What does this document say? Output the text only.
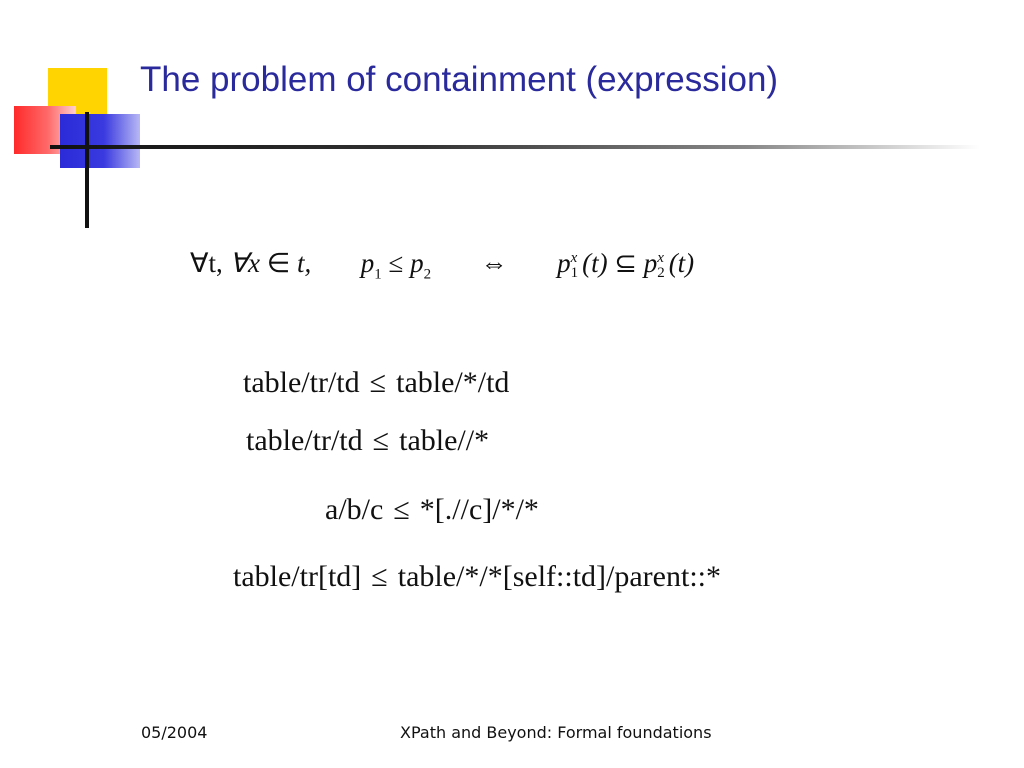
The problem of containment (expression)
∀t, ∀x ∈ t, $p_1 \le p_2$ ⇔ p x
1 (t) ⊆ p x
2 (t)
table/tr/td ≤ table/*/td
table/tr/td ≤ table//*
a/b/c ≤ *[.//c]/*/*
table/tr[td] ≤ table/*/*[self::td]/parent::*
05/2004	XPath and Beyond: Formal foundations
